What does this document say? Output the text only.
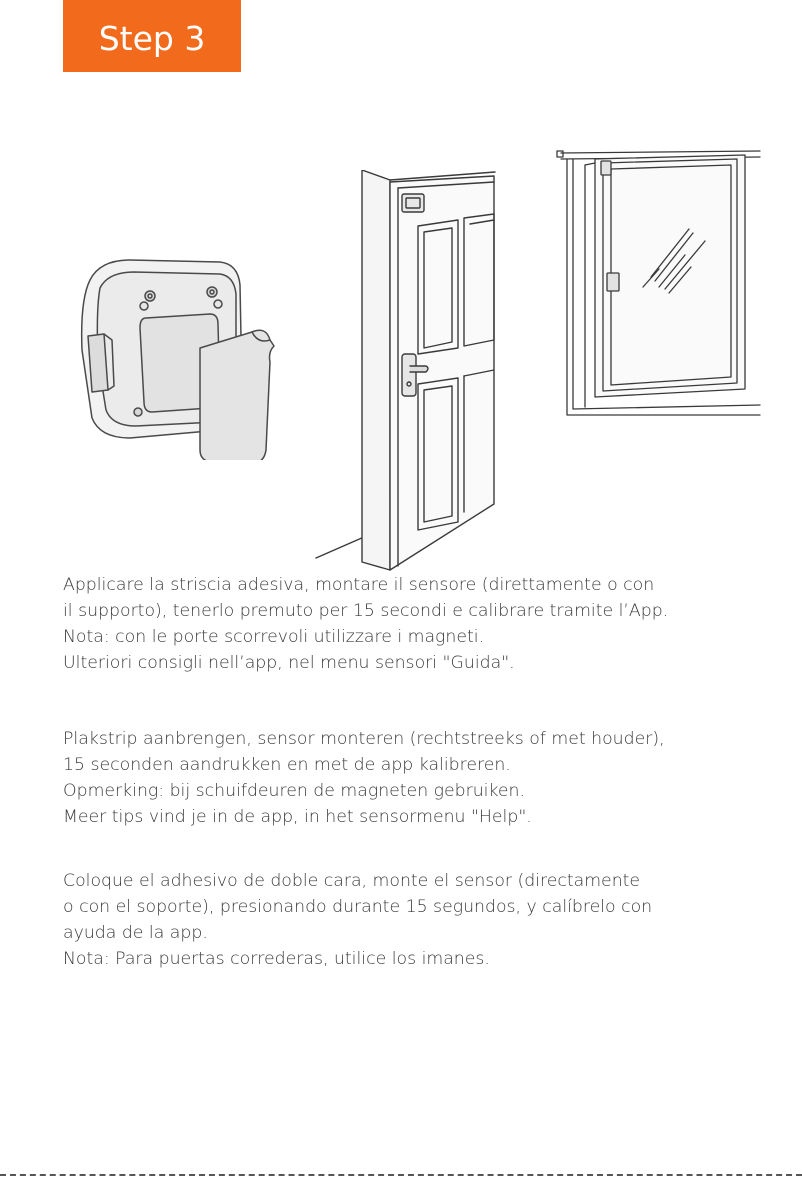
Step 3

Applicare la striscia adesiva, montare il sensore (direttamente o con

il supporto), tenerlo premuto per 15 secondi e calibrare tramite l’App.

Nota: con le porte scorrevoli utilizzare i magneti.

Ulteriori consigli nell’app, nel menu sensori "Guida".

Plakstrip aanbrengen, sensor monteren (rechtstreeks of met houder),

15 seconden aandrukken en met de app kalibreren.

Opmerking: bij schuifdeuren de magneten gebruiken.

Meer tips vind je in de app, in het sensormenu "Help".

Coloque el adhesivo de doble cara, monte el sensor (directamente

o con el soporte), presionando durante 15 segundos, y calíbrelo con

ayuda de la app.

Nota: Para puertas correderas, utilice los imanes.
